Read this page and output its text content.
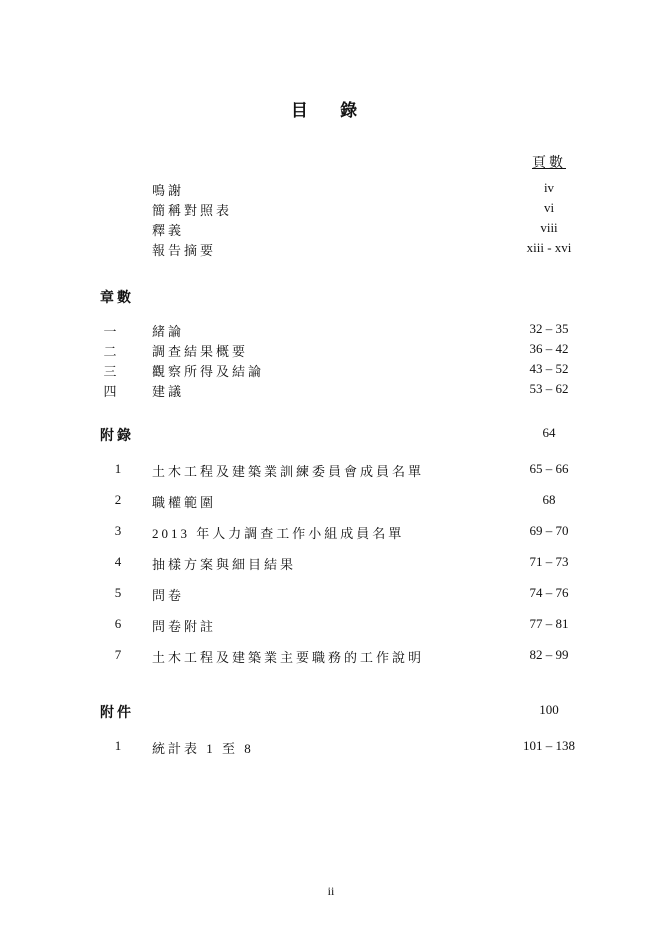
目 錄
頁數
鳴謝	iv
簡稱對照表	vi
釋義	viii
報告摘要	xiii - xvi
章數
一	緒論	32 – 35
二	調查結果概要	36 – 42
三	觀察所得及結論	43 – 52
四	建議	53 – 62
附錄	64
1	土木工程及建築業訓練委員會成員名單	65 – 66
2	職權範圍	68
3	2013 年人力調查工作小組成員名單	69 – 70
4	抽樣方案與細目結果	71 – 73
5	問卷	74 – 76
6	問卷附註	77 – 81
7	土木工程及建築業主要職務的工作說明	82 – 99
附件	100
1	統計表 1 至 8	101 – 138
ii
